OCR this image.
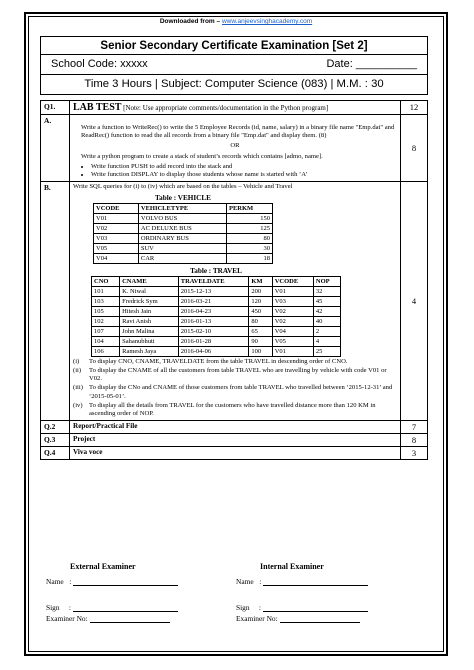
Downloaded from – www.anjeevsinghacademy.com
Senior Secondary Certificate Examination [Set 2]
School Code: xxxxx	Date: __________
Time 3 Hours | Subject: Computer Science (083) | M.M. : 30
Q1.	LAB TEST [Note: Use appropriate comments/documentation in the Python program]	12
A.	
Write a function to WriteRec() to write the 5 Employee Records (id, name, salary) in a binary file name "Emp.dat" and ReadRec() function to read the all records from a binary file "Emp.dat" and display them. (8)
OR
Write a python program to create a stack of student’s records which contains [admo, name].
• Write function PUSH to add record into the stack and
• Write function DISPLAY to display those students whose name is started with ‘A’
	8
B.	Write SQL queries for (i) to (iv) which are based on the tables – Vehicle and Travel
Table : VEHICLE
VCODE	VEHICLETYPE	PERKM
V01	VOLVO BUS	150
V02	AC DELUXE BUS	125
V03	ORDINARY BUS	80
V05	SUV	30
V04	CAR	18
Table : TRAVEL
CNO	CNAME	TRAVELDATE	KM	VCODE	NOP
101	K. Niwal	2015-12-13	200	V01	32
103	Fredrick Sym	2016-03-21	120	V03	45
105	Hitesh Jain	2016-04-23	450	V02	42
102	Ravi Anish	2016-01-13	80	V02	40
107	John Malina	2015-02-10	65	V04	2
104	Sahanubhuti	2016-01-28	90	V05	4
106	Ramesh Jaya	2016-04-06	100	V01	25
(i) To display CNO, CNAME, TRAVELDATE from the table TRAVEL in descending order of CNO.
(ii) To display the CNAME of all the customers from table TRAVEL who are travelling by vehicle with code V01 or V02.
(iii) To display the CNo and CNAME of those customers from table TRAVEL who travelled between ‘2015-12-31’ and ‘2015-05-01’.
(iv) To display all the details from TRAVEL for the customers who have travelled distance more than 120 KM in ascending order of NOP.
	4
Q.2	Report/Practical File	7
Q.3	Project	8
Q.4	Viva voce	3
External Examiner
Name :
Sign :
Examiner No:
Internal Examiner
Name :
Sign :
Examiner No:
